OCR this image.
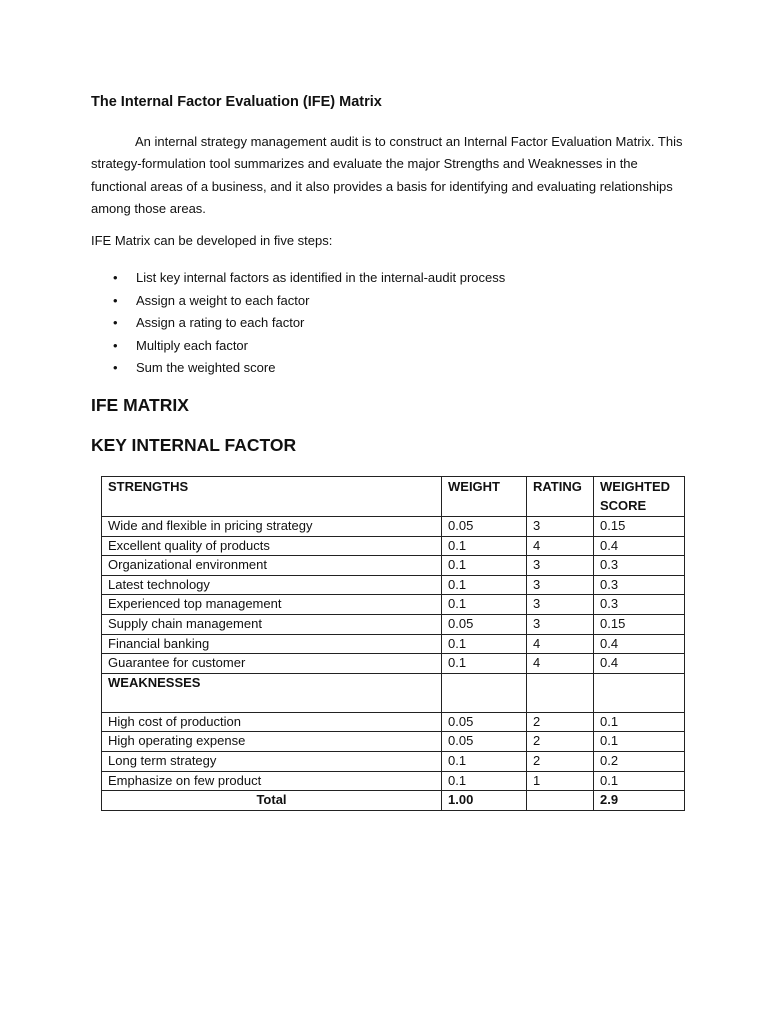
The Internal Factor Evaluation (IFE) Matrix

An internal strategy management audit is to construct an Internal Factor Evaluation Matrix. This strategy-formulation tool summarizes and evaluate the major Strengths and Weaknesses in the functional areas of a business, and it also provides a basis for identifying and evaluating relationships among those areas.

IFE Matrix can be developed in five steps:
• List key internal factors as identified in the internal-audit process
• Assign a weight to each factor
• Assign a rating to each factor
• Multiply each factor
• Sum the weighted score
IFE MATRIX
KEY INTERNAL FACTOR
STRENGTHS	WEIGHT	RATING	WEIGHTED SCORE

Wide and flexible in pricing strategy	0.05	3	0.15
Excellent quality of products	0.1	4	0.4
Organizational environment	0.1	3	0.3
Latest technology	0.1	3	0.3
Experienced top management	0.1	3	0.3
Supply chain management	0.05	3	0.15
Financial banking	0.1	4	0.4
Guarantee for customer	0.1	4	0.4
WEAKNESSES			
High cost of production	0.05	2	0.1
High operating expense	0.05	2	0.1
Long term strategy	0.1	2	0.2
Emphasize on few product	0.1	1	0.1
Total	1.00		2.9
